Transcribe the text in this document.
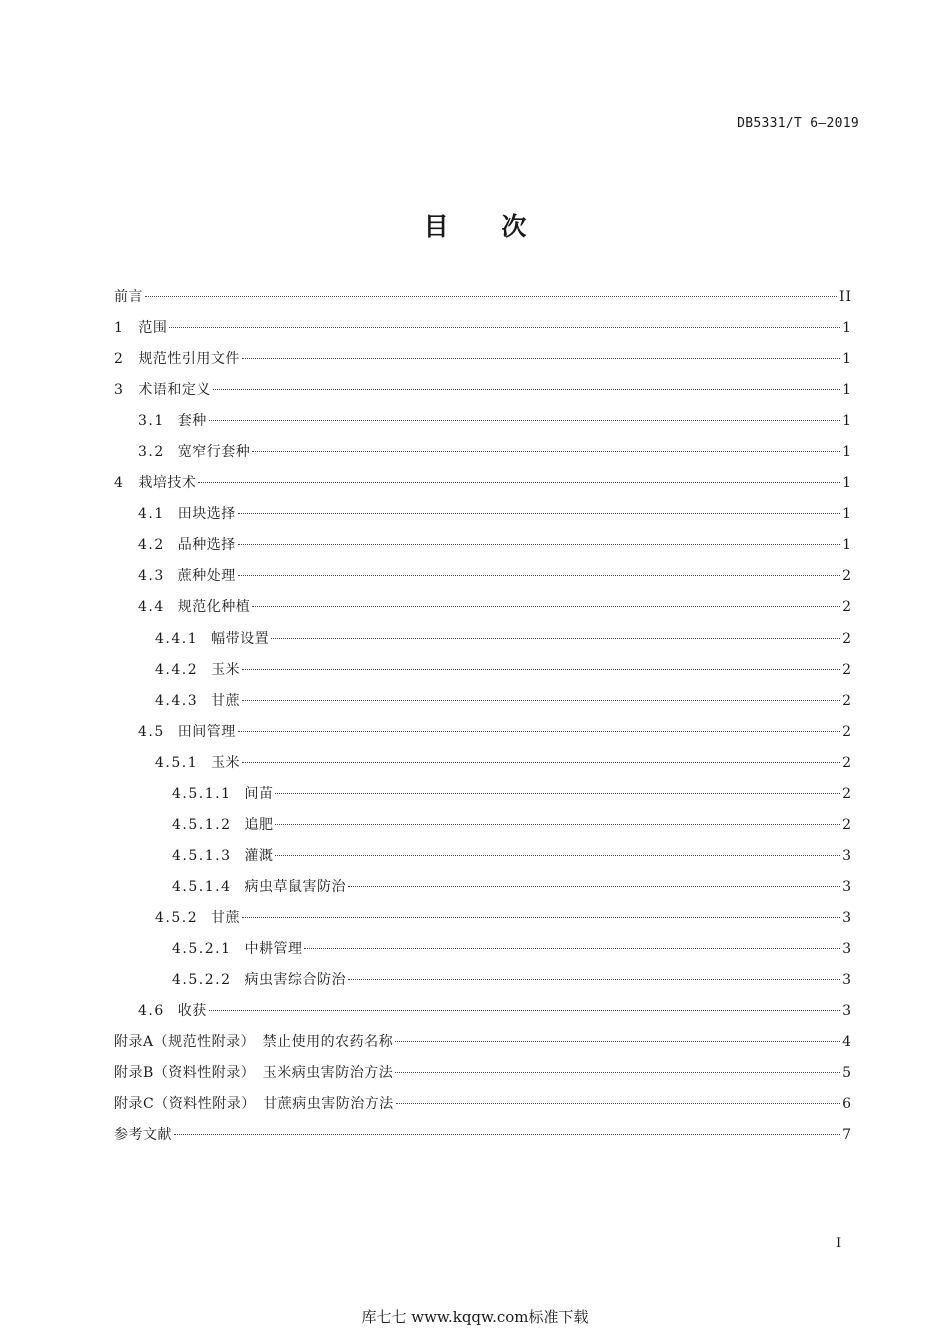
DB5331/T 6—2019
目 次
前言	II
1 范围	1
2 规范性引用文件	1
3 术语和定义	1
3.1 套种	1
3.2 宽窄行套种	1
4 栽培技术	1
4.1 田块选择	1
4.2 品种选择	1
4.3 蔗种处理	2
4.4 规范化种植	2
4.4.1 幅带设置	2
4.4.2 玉米	2
4.4.3 甘蔗	2
4.5 田间管理	2
4.5.1 玉米	2
4.5.1.1 间苗	2
4.5.1.2 追肥	2
4.5.1.3 灌溉	3
4.5.1.4 病虫草鼠害防治	3
4.5.2 甘蔗	3
4.5.2.1 中耕管理	3
4.5.2.2 病虫害综合防治	3
4.6 收获	3
附录A（规范性附录）　禁止使用的农药名称	4
附录B（资料性附录）　玉米病虫害防治方法	5
附录C（资料性附录）　甘蔗病虫害防治方法	6
参考文献	7
I
库七七 www.kqqw.com标准下载
